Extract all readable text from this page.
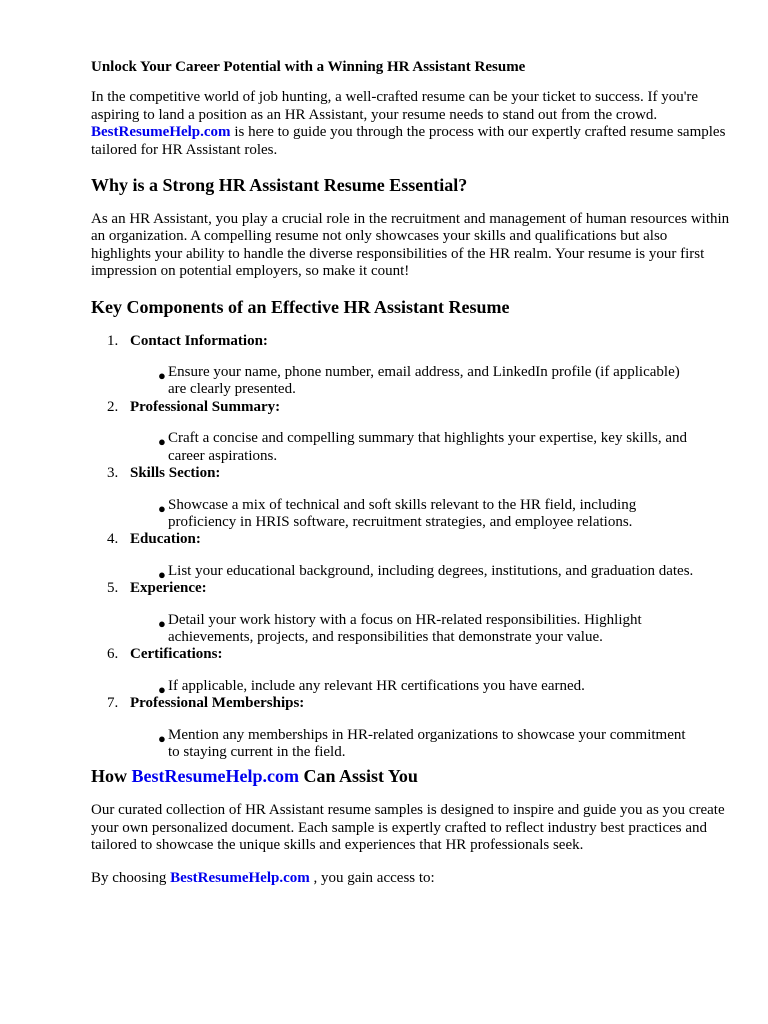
Unlock Your Career Potential with a Winning HR Assistant Resume

In the competitive world of job hunting, a well-crafted resume can be your ticket to success. If you're aspiring to land a position as an HR Assistant, your resume needs to stand out from the crowd. BestResumeHelp.com is here to guide you through the process with our expertly crafted resume samples tailored for HR Assistant roles.

Why is a Strong HR Assistant Resume Essential?

As an HR Assistant, you play a crucial role in the recruitment and management of human resources within an organization. A compelling resume not only showcases your skills and qualifications but also highlights your ability to handle the diverse responsibilities of the HR realm. Your resume is your first impression on potential employers, so make it count!

Key Components of an Effective HR Assistant Resume
1. Contact Information:
● Ensure your name, phone number, email address, and LinkedIn profile (if applicable) are clearly presented.
2. Professional Summary:
● Craft a concise and compelling summary that highlights your expertise, key skills, and career aspirations.
3. Skills Section:
● Showcase a mix of technical and soft skills relevant to the HR field, including proficiency in HRIS software, recruitment strategies, and employee relations.
4. Education:
● List your educational background, including degrees, institutions, and graduation dates.
5. Experience:
● Detail your work history with a focus on HR-related responsibilities. Highlight achievements, projects, and responsibilities that demonstrate your value.
6. Certifications:
● If applicable, include any relevant HR certifications you have earned.
7. Professional Memberships:
● Mention any memberships in HR-related organizations to showcase your commitment to staying current in the field.
How BestResumeHelp.com Can Assist You

Our curated collection of HR Assistant resume samples is designed to inspire and guide you as you create your own personalized document. Each sample is expertly crafted to reflect industry best practices and tailored to showcase the unique skills and experiences that HR professionals seek.

By choosing BestResumeHelp.com , you gain access to:
